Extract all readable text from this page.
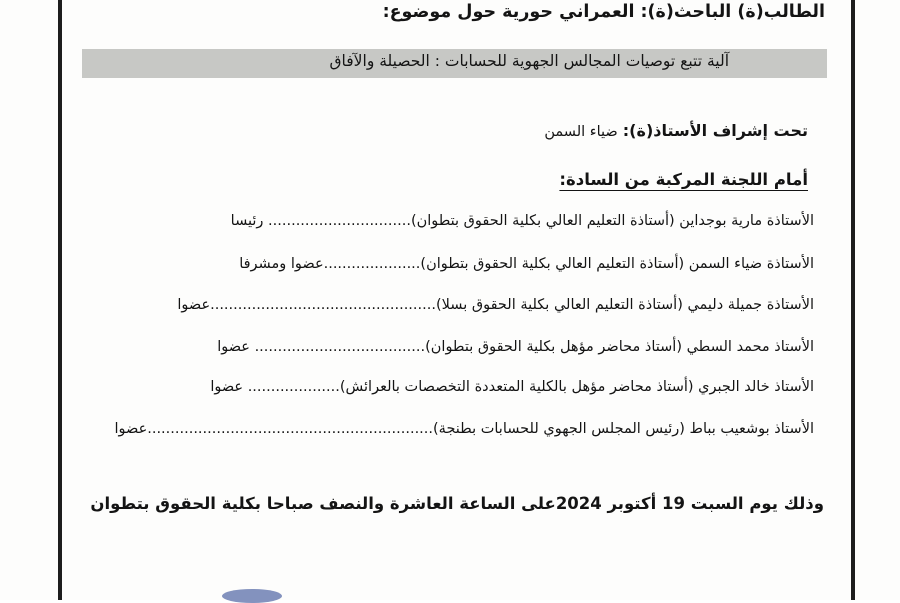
الطالب(ة) الباحث(ة): العمراني حورية حول موضوع:

آلية تتبع توصيات المجالس الجهوية للحسابات : الحصيلة والآفاق

تحت إشراف الأستاذ(ة): ضياء السمن

أمام اللجنة المركبة من السادة:

الأستاذة مارية بوجداين (أستاذة التعليم العالي بكلية الحقوق بتطوان)............................... رئيسا
الأستاذة ضياء السمن (أستاذة التعليم العالي بكلية الحقوق بتطوان).....................عضوا ومشرفا
الأستاذة جميلة دليمي (أستاذة التعليم العالي بكلية الحقوق بسلا).................................................عضوا
الأستاذ محمد السطي (أستاذ محاضر مؤهل بكلية الحقوق بتطوان)..................................... عضوا
الأستاذ خالد الجبري (أستاذ محاضر مؤهل بالكلية المتعددة التخصصات بالعرائش).................... عضوا
الأستاذ بوشعيب بباط (رئيس المجلس الجهوي للحسابات بطنجة)..............................................................عضوا

وذلك يوم السبت 19 أكتوبر 2024على الساعة العاشرة والنصف صباحا بكلية الحقوق بتطوان
